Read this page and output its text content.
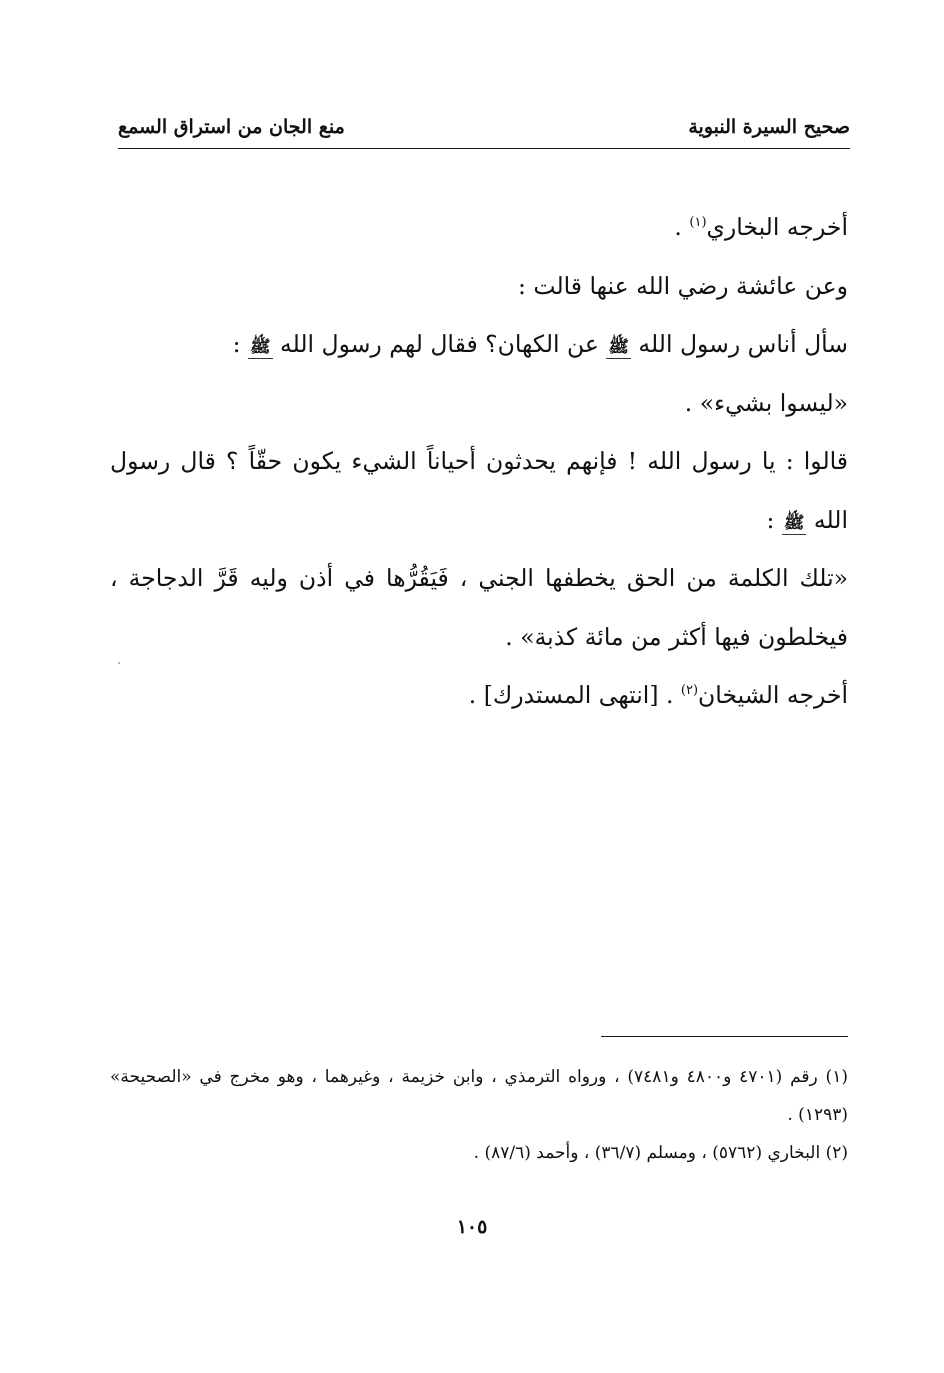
صحيح السيرة النبوية
منع الجان من استراق السمع

أخرجه البخاري$^{(١)}$ .

وعن عائشة رضي الله عنها قالت :

سأل أناس رسول الله ﷺ عن الكهان؟ فقال لهم رسول الله ﷺ :

«ليسوا بشيء» .

قالوا : يا رسول الله ! فإنهم يحدثون أحياناً الشيء يكون حقّاً ؟ قال رسول الله ﷺ :

«تلك الكلمة من الحق يخطفها الجني ، فَيَقُرُّها في أذن وليه قَرَّ الدجاجة ، فيخلطون فيها أكثر من مائة كذبة» .

أخرجه الشيخان$^{(٢)}$ . [انتهى المستدرك] .

(١) رقم (٤٧٠١ و٤٨٠٠ و٧٤٨١) ، ورواه الترمذي ، وابن خزيمة ، وغيرهما ، وهو مخرج في «الصحيحة» (١٢٩٣) .

(٢) البخاري (٥٧٦٢) ، ومسلم (٣٦/٧) ، وأحمد (٨٧/٦) .

١٠٥
